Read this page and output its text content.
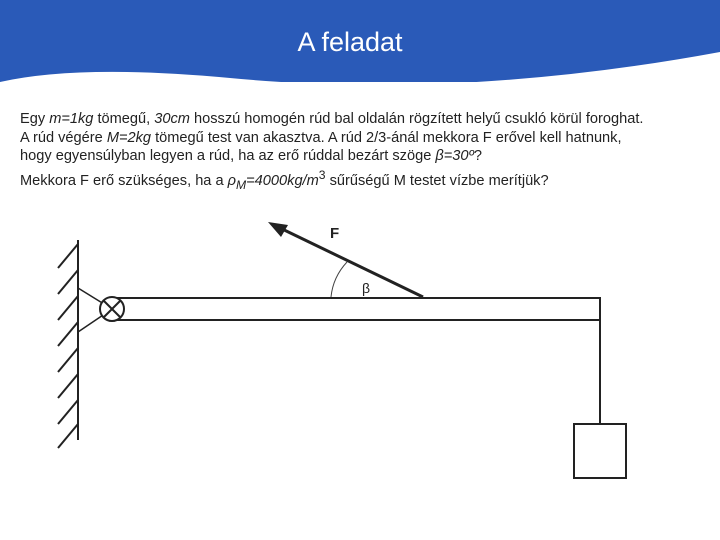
A feladat

Egy m=1kg tömegű, 30cm hosszú homogén rúd bal oldalán rögzített helyű csukló körül foroghat.

A rúd végére M=2kg tömegű test van akasztva. A rúd 2/3-ánál mekkora F erővel kell hatnunk,

hogy egyensúlyban legyen a rúd, ha az erő rúddal bezárt szöge β=30º?

Mekkora F erő szükséges, ha a $\rho_M=4000kg/m^3$ sűrűségű M testet vízbe merítjük?

F
β
